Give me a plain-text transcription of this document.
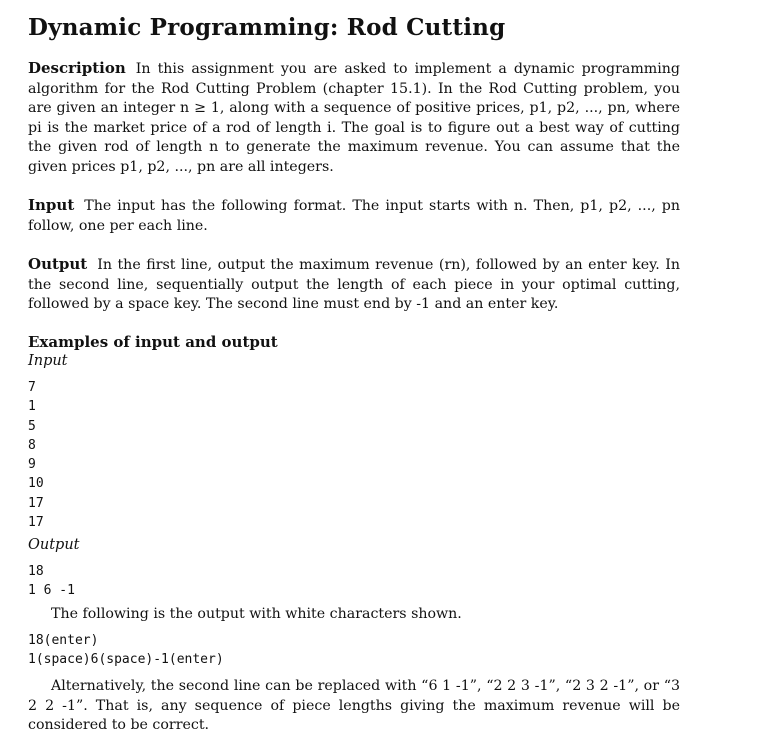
Dynamic Programming: Rod Cutting
Description In this assignment you are asked to implement a dynamic programming algorithm for the Rod Cutting Problem (chapter 15.1). In the Rod Cutting problem, you are given an integer n ≥ 1, along with a sequence of positive prices, p1, p2, ..., pn, where pi is the market price of a rod of length i. The goal is to figure out a best way of cutting the given rod of length n to generate the maximum revenue. You can assume that the given prices p1, p2, ..., pn are all integers.
Input The input has the following format. The input starts with n. Then, p1, p2, ..., pn follow, one per each line.
Output In the first line, output the maximum revenue (rn), followed by an enter key. In the second line, sequentially output the length of each piece in your optimal cutting, followed by a space key. The second line must end by -1 and an enter key.
Examples of input and output
Input
7
1
5
8
9
10
17
17
Output
18
1 6 -1
The following is the output with white characters shown.
18(enter)
1(space)6(space)-1(enter)
Alternatively, the second line can be replaced with “6 1 -1”, “2 2 3 -1”, “2 3 2 -1”, or “3 2 2 -1”. That is, any sequence of piece lengths giving the maximum revenue will be considered to be correct.
